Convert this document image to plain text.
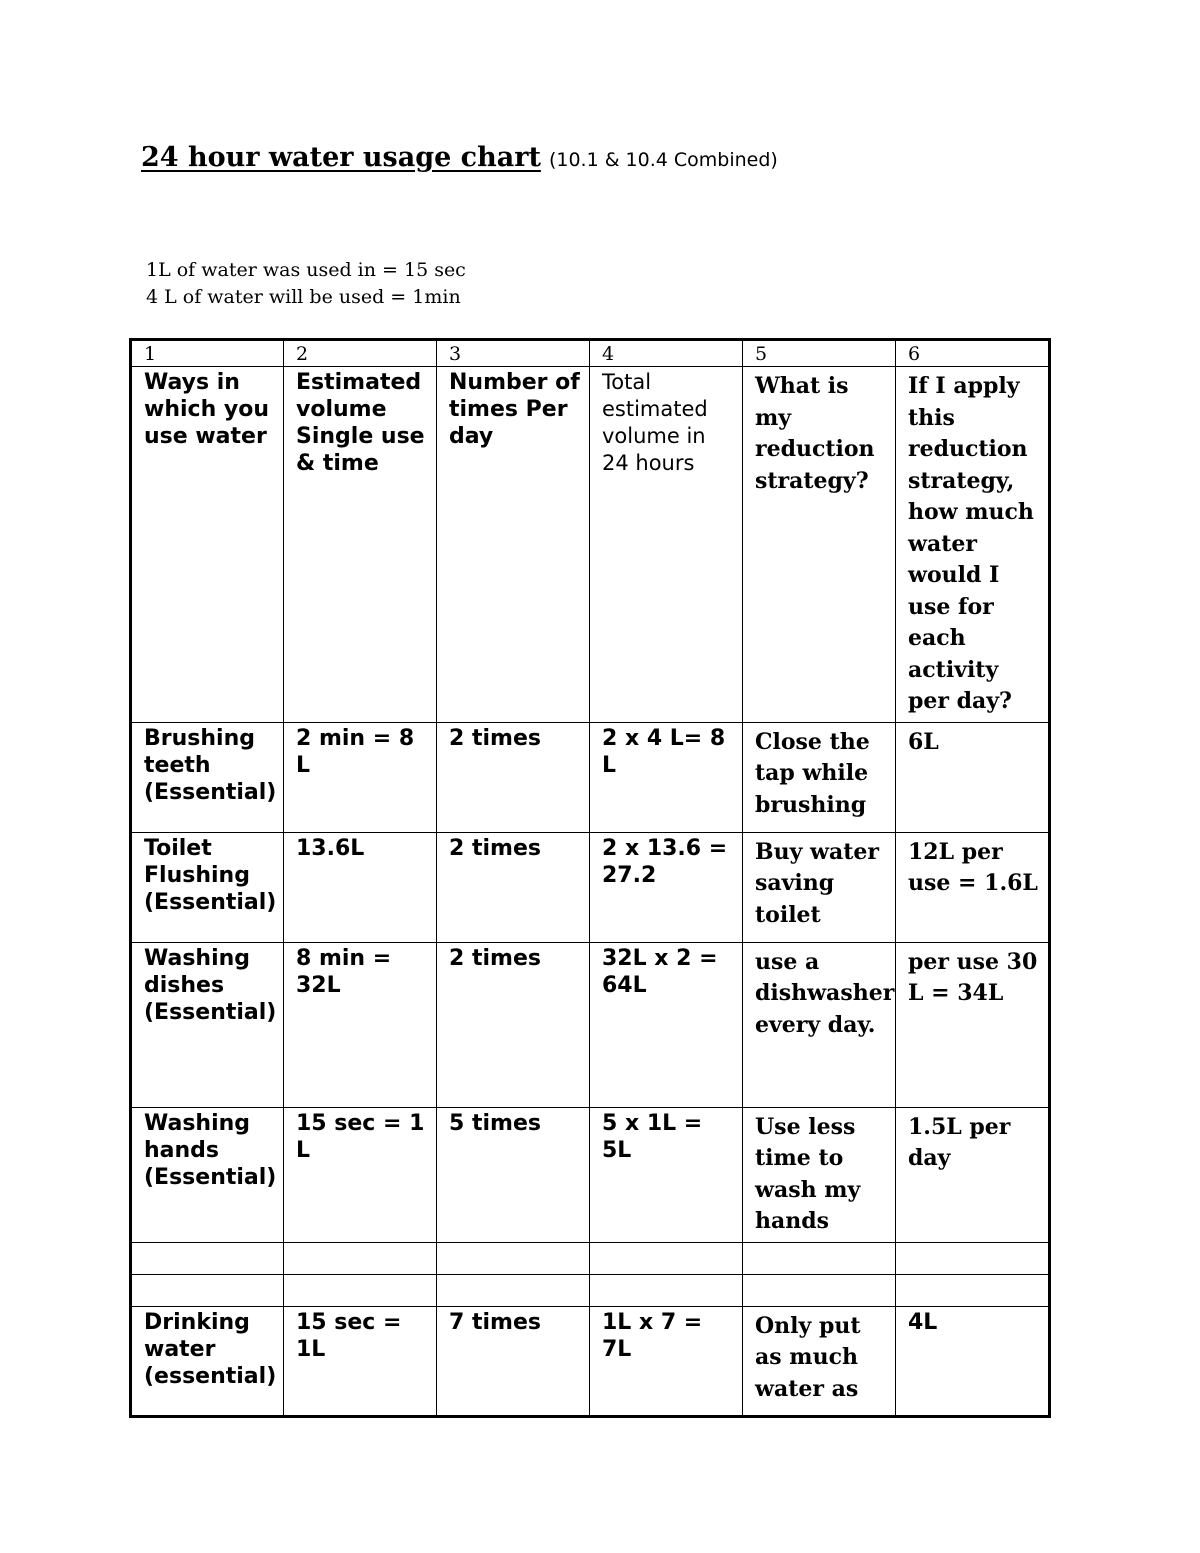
24 hour water usage chart (10.1 & 10.4 Combined)
1L of water was used in = 15 sec
4 L of water will be used = 1min
1	2	3	4	5	6
Ways in which you use water	Estimated volume Single use & time	Number of times Per day	Total estimated volume in 24 hours	What is my reduction strategy?	If I apply this reduction strategy, how much water would I use for each activity per day?
Brushing teeth (Essential)	2 min = 8 L	2 times	2 x 4 L= 8 L	Close the tap while brushing	6L
Toilet Flushing (Essential)	13.6L	2 times	2 x 13.6 = 27.2	Buy water saving toilet	12L per use = 1.6L
Washing dishes (Essential)	8 min = 32L	2 times	32L x 2 = 64L	use a dishwasher every day.	per use 30 L = 34L
Washing hands (Essential)	15 sec = 1 L	5 times	5 x 1L = 5L	Use less time to wash my hands	1.5L per day

Drinking water (essential)	15 sec = 1L	7 times	1L x 7 = 7L	Only put as much water as	4L
